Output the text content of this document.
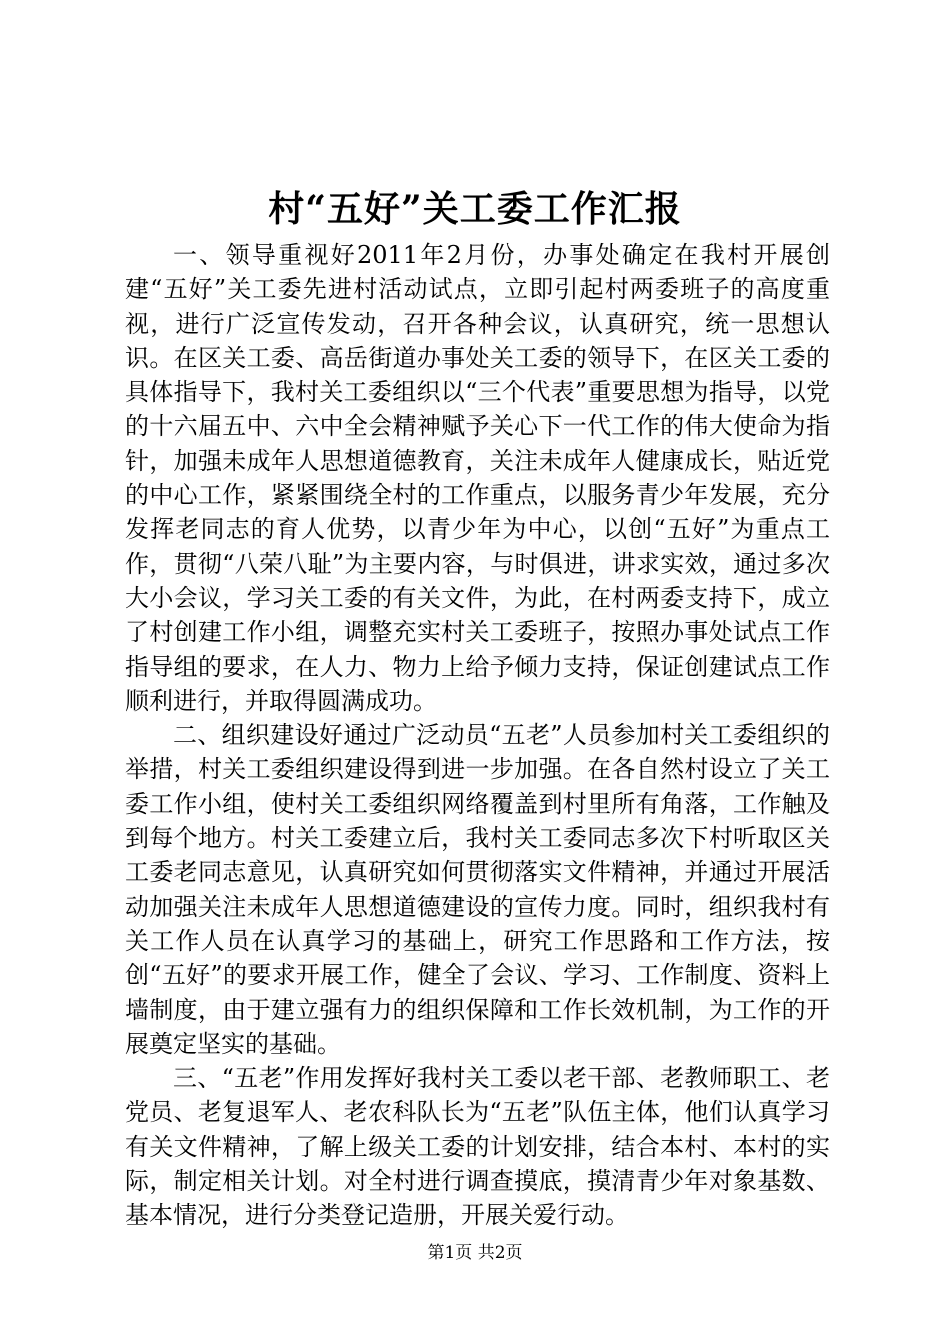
村“五好”关工委工作汇报

一、领导重视好2011年2月份，办事处确定在我村开展创建“五好”关工委先进村活动试点，立即引起村两委班子的高度重视，进行广泛宣传发动，召开各种会议，认真研究，统一思想认识。在区关工委、高岳街道办事处关工委的领导下，在区关工委的具体指导下，我村关工委组织以“三个代表”重要思想为指导，以党的十六届五中、六中全会精神赋予关心下一代工作的伟大使命为指针，加强未成年人思想道德教育，关注未成年人健康成长，贴近党的中心工作，紧紧围绕全村的工作重点，以服务青少年发展，充分发挥老同志的育人优势，以青少年为中心，以创“五好”为重点工作，贯彻“八荣八耻”为主要内容，与时俱进，讲求实效，通过多次大小会议，学习关工委的有关文件，为此，在村两委支持下，成立了村创建工作小组，调整充实村关工委班子，按照办事处试点工作指导组的要求，在人力、物力上给予倾力支持，保证创建试点工作顺利进行，并取得圆满成功。

二、组织建设好通过广泛动员“五老”人员参加村关工委组织的举措，村关工委组织建设得到进一步加强。在各自然村设立了关工委工作小组，使村关工委组织网络覆盖到村里所有角落，工作触及到每个地方。村关工委建立后，我村关工委同志多次下村听取区关工委老同志意见，认真研究如何贯彻落实文件精神，并通过开展活动加强关注未成年人思想道德建设的宣传力度。同时，组织我村有关工作人员在认真学习的基础上，研究工作思路和工作方法，按创“五好”的要求开展工作，健全了会议、学习、工作制度、资料上墙制度，由于建立强有力的组织保障和工作长效机制，为工作的开展奠定坚实的基础。

三、“五老”作用发挥好我村关工委以老干部、老教师职工、老党员、老复退军人、老农科队长为“五老”队伍主体，他们认真学习有关文件精神，了解上级关工委的计划安排，结合本村、本村的实际，制定相关计划。对全村进行调查摸底，摸清青少年对象基数、基本情况，进行分类登记造册，开展关爱行动。

第1页 共2页
